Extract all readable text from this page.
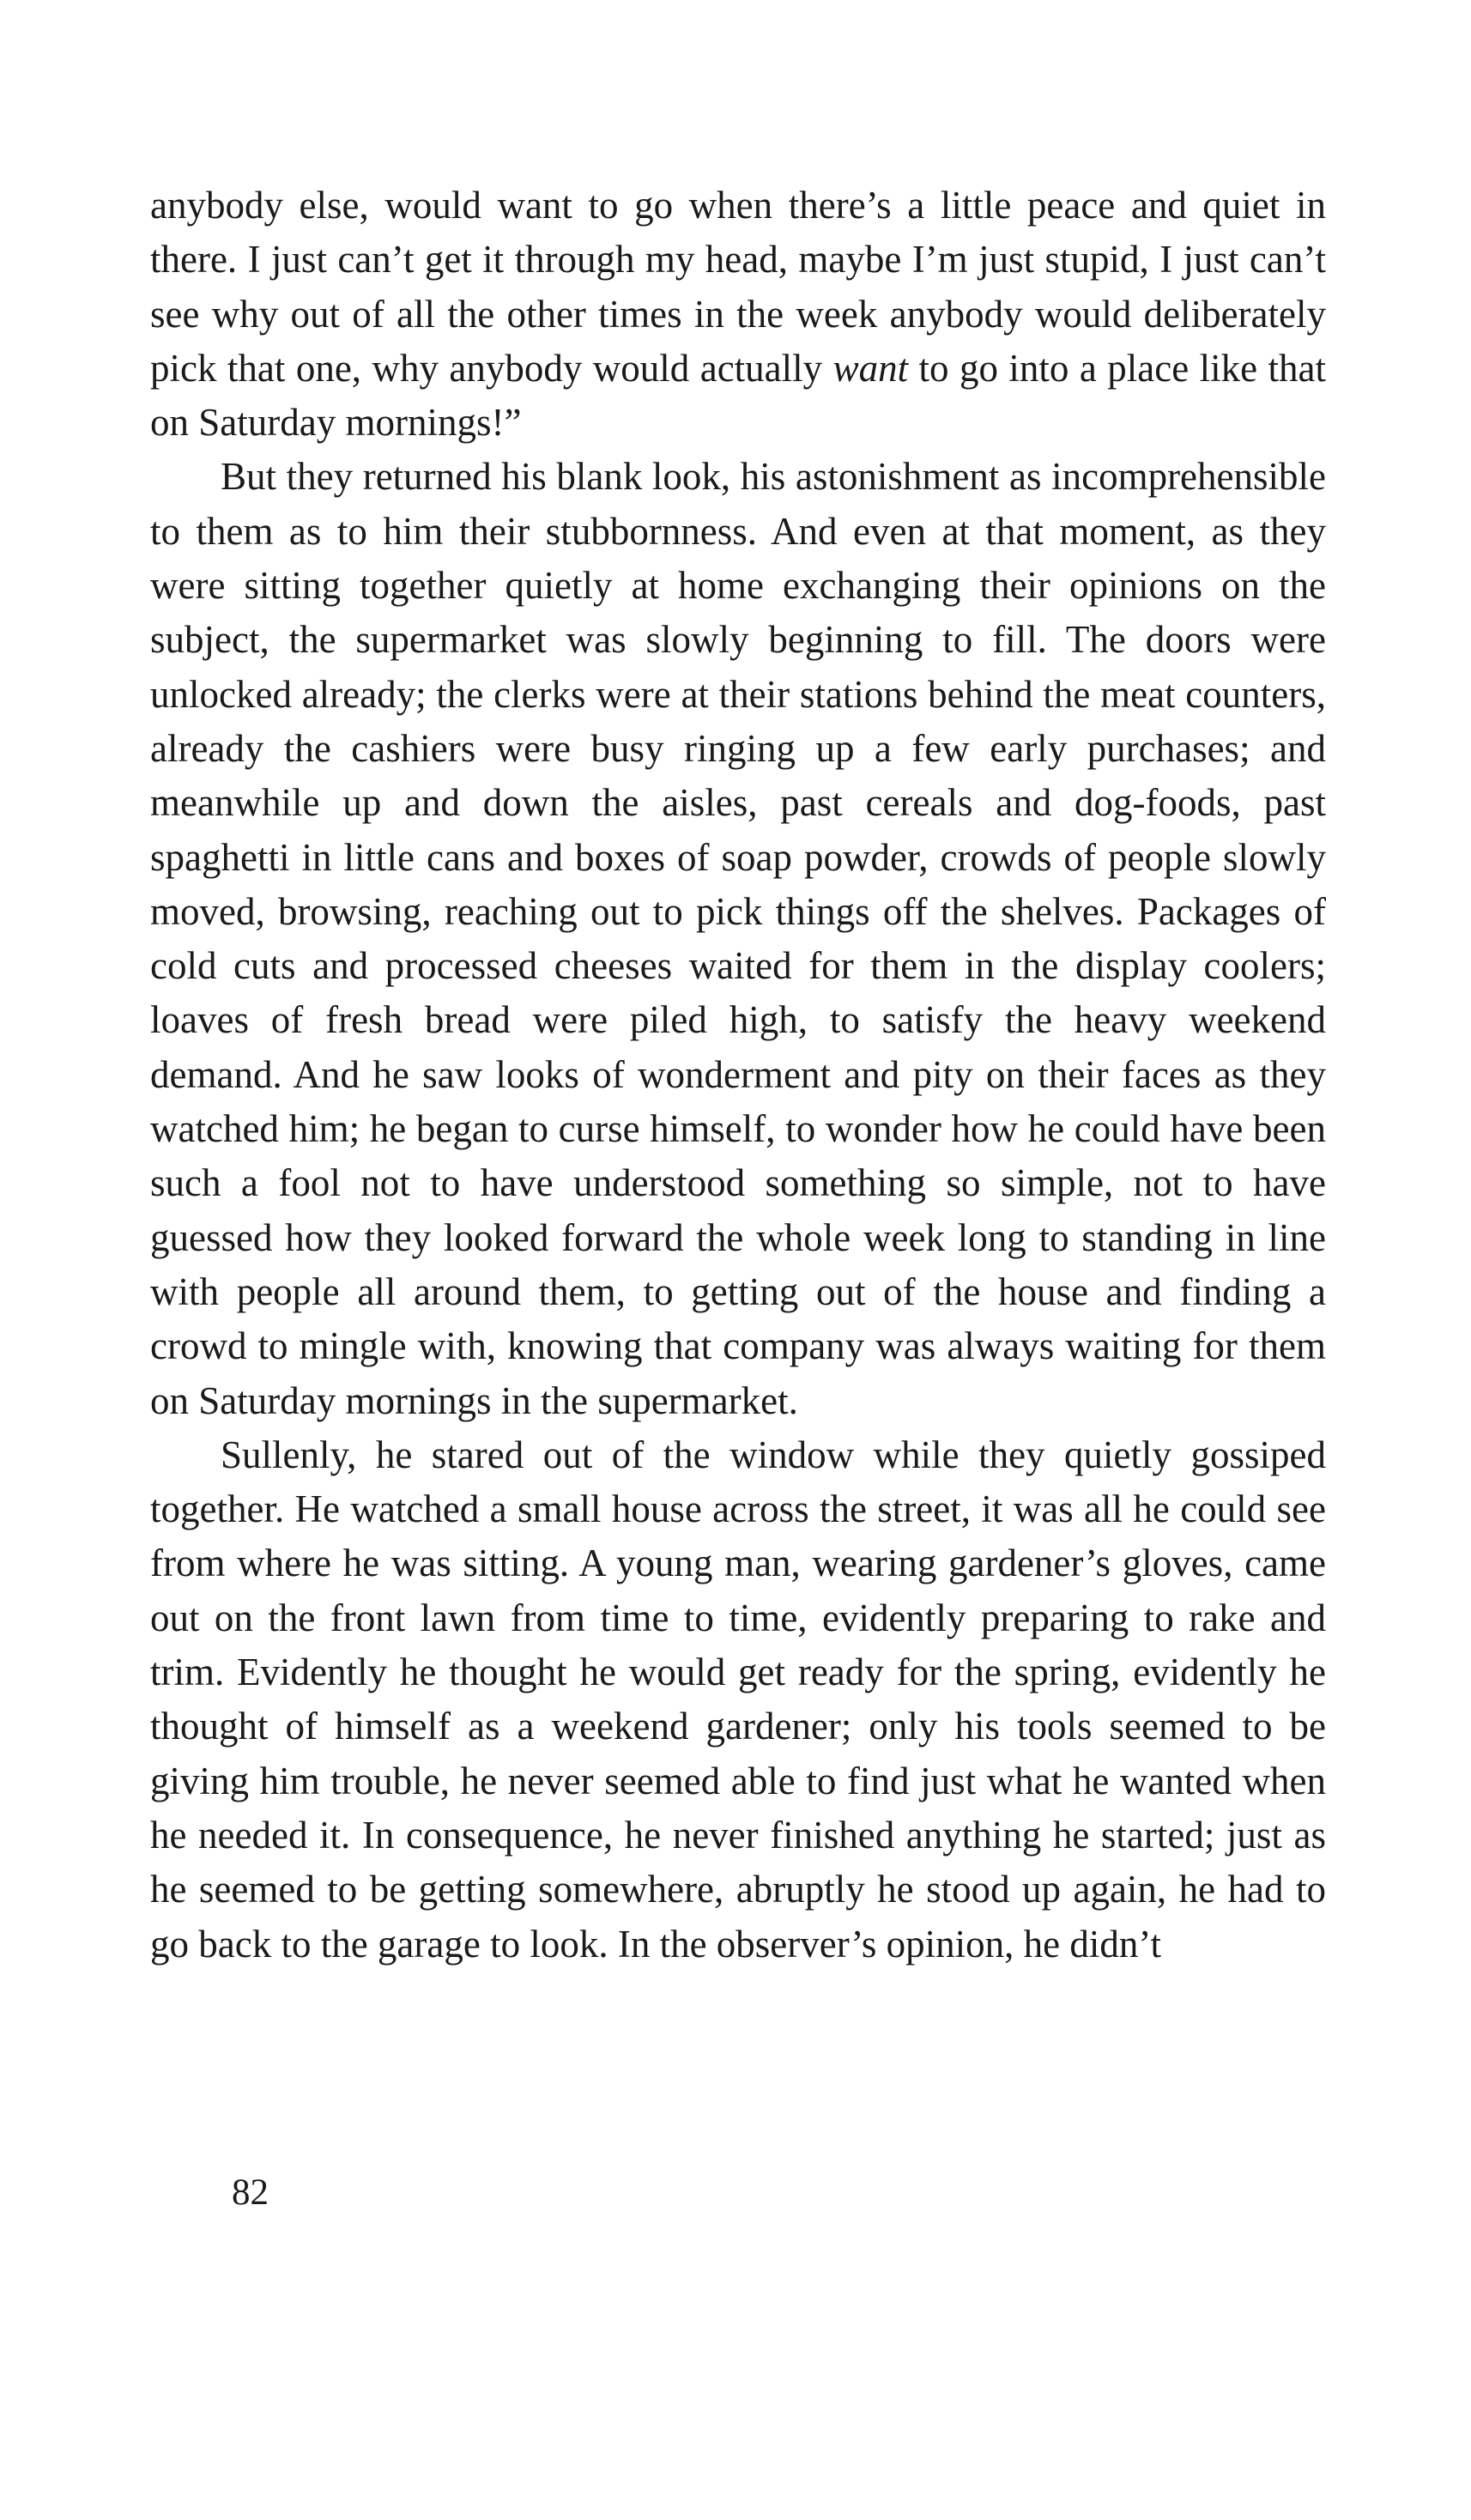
anybody else, would want to go when there’s a little peace and quiet in there. I just can’t get it through my head, maybe I’m just stupid, I just can’t see why out of all the other times in the week anybody would deliberately pick that one, why anybody would actually want to go into a place like that on Saturday mornings!”

But they returned his blank look, his astonishment as incomprehensible to them as to him their stubbornness. And even at that moment, as they were sitting together quietly at home exchanging their opinions on the subject, the supermarket was slowly beginning to fill. The doors were unlocked already; the clerks were at their stations behind the meat counters, already the cashiers were busy ringing up a few early purchases; and meanwhile up and down the aisles, past cereals and dog-foods, past spaghetti in little cans and boxes of soap powder, crowds of people slowly moved, browsing, reaching out to pick things off the shelves. Packages of cold cuts and processed cheeses waited for them in the display coolers; loaves of fresh bread were piled high, to satisfy the heavy weekend demand. And he saw looks of wonderment and pity on their faces as they watched him; he began to curse himself, to wonder how he could have been such a fool not to have understood something so simple, not to have guessed how they looked forward the whole week long to standing in line with people all around them, to getting out of the house and finding a crowd to mingle with, knowing that company was always waiting for them on Saturday mornings in the supermarket.

Sullenly, he stared out of the window while they quietly gossiped together. He watched a small house across the street, it was all he could see from where he was sitting. A young man, wearing gardener’s gloves, came out on the front lawn from time to time, evidently preparing to rake and trim. Evidently he thought he would get ready for the spring, evidently he thought of himself as a weekend gardener; only his tools seemed to be giving him trouble, he never seemed able to find just what he wanted when he needed it. In consequence, he never finished anything he started; just as he seemed to be getting somewhere, abruptly he stood up again, he had to go back to the garage to look. In the observer’s opinion, he didn’t

82
